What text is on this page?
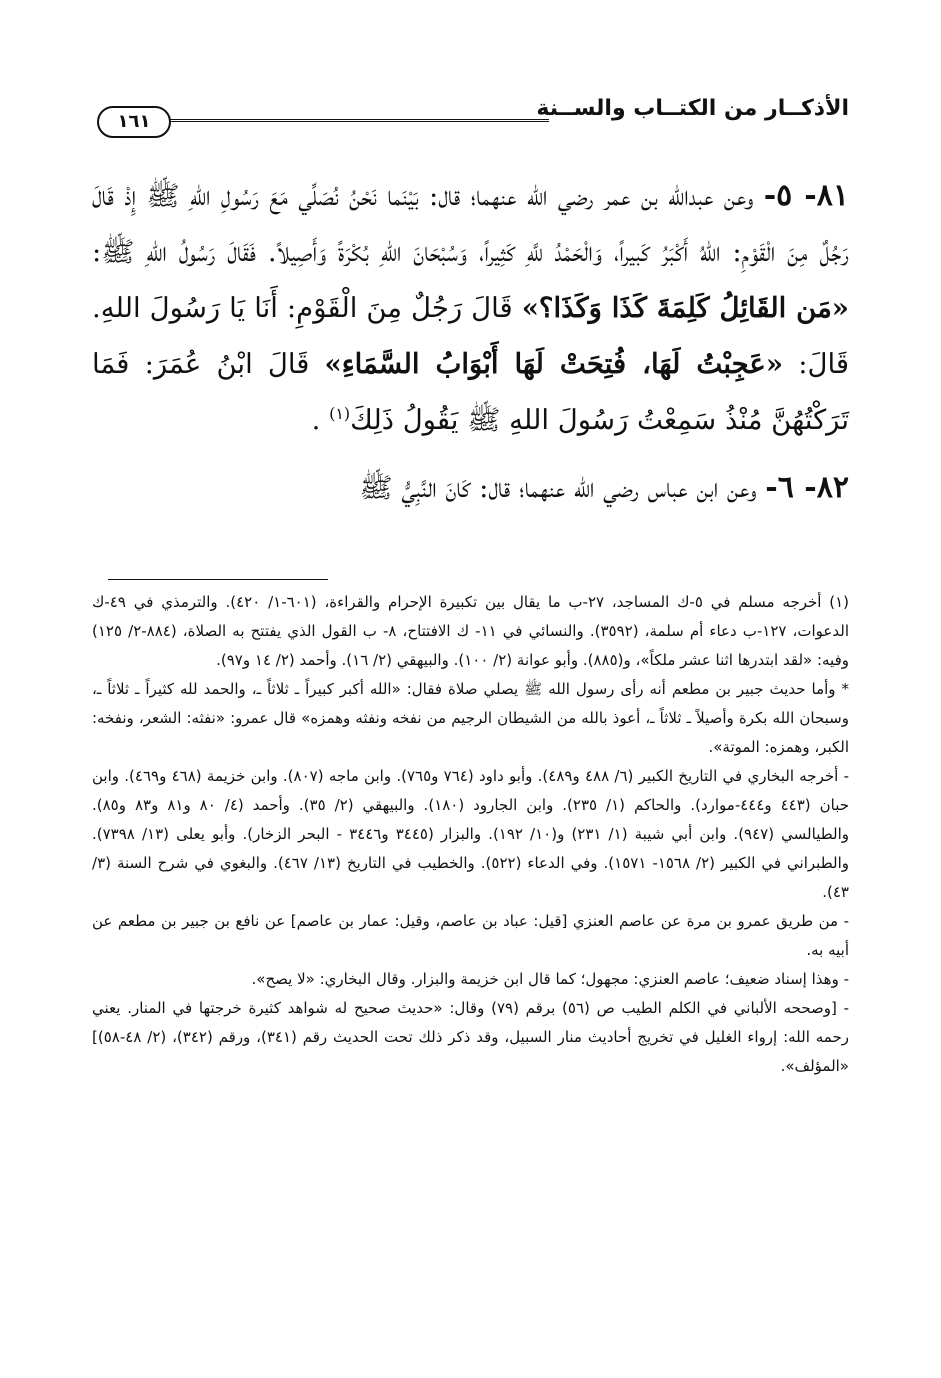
الأذكــار من الكتــاب والســنة
١٦١

٨١- ٥- وعن عبدالله بن عمر رضي الله عنهما؛ قال: بَيْنَما نَحْنُ نُصَلِّي مَعَ رَسُولِ اللهِ ﷺ إِذْ قَالَ رَجُلٌ مِنَ الْقَوْمِ: اللهُ أَكْبَرُ كَبيراً، وَالْحَمْدُ للَّهِ كَثِيراً، وَسُبْحَانَ اللهِ بُكْرَةً وَأَصِيلاً. فَقَالَ رَسُولُ اللهِ ﷺ: «مَن القَائِلُ كَلِمَةَ كَذَا وَكَذَا؟» قَالَ رَجُلٌ مِنَ الْقَوْمِ: أَنَا يَا رَسُولَ اللهِ. قَالَ: «عَجِبْتُ لَهَا، فُتِحَتْ لَهَا أَبْوَابُ السَّمَاءِ» قَالَ ابْنُ عُمَرَ: فَمَا تَرَكْتُهُنَّ مُنْذُ سَمِعْتُ رَسُولَ اللهِ ﷺ يَقُولُ ذَلِكَ$^{(١)}$ .

٨٢- ٦- وعن ابن عباس رضي الله عنهما؛ قال: كَانَ النَّبِيُّ ﷺ

(١) أخرجه مسلم في ٥-ك المساجد، ٢٧-ب ما يقال بين تكبيرة الإحرام والقراءة، (٦٠١-١/ ٤٢٠). والترمذي في ٤٩-ك الدعوات، ١٢٧-ب دعاء أم سلمة، (٣٥٩٢). والنسائي في ١١- ك الافتتاح، ٨- ب القول الذي يفتتح به الصلاة، (٨٨٤-٢/ ١٢٥) وفيه: «لقد ابتدرها اثنا عشر ملكاً»، و(٨٨٥). وأبو عوانة (٢/ ١٠٠). والبيهقي (٢/ ١٦). وأحمد (٢/ ١٤ و٩٧).

* وأما حديث جبير بن مطعم أنه رأى رسول الله ﷺ يصلي صلاة فقال: «الله أكبر كبيراً ـ ثلاثاً ـ، والحمد لله كثيراً ـ ثلاثاً ـ، وسبحان الله بكرة وأصيلاً ـ ثلاثاً ـ، أعوذ بالله من الشيطان الرجيم من نفخه ونفثه وهمزه» قال عمرو: «نفثه: الشعر، ونفخه: الكبر، وهمزه: الموتة».

- أخرجه البخاري في التاريخ الكبير (٦/ ٤٨٨ و٤٨٩). وأبو داود (٧٦٤ و٧٦٥). وابن ماجه (٨٠٧). وابن خزيمة (٤٦٨ و٤٦٩). وابن حبان (٤٤٣ و٤٤٤-موارد). والحاكم (١/ ٢٣٥). وابن الجارود (١٨٠). والبيهقي (٢/ ٣٥). وأحمد (٤/ ٨٠ و٨١ و٨٣ و٨٥). والطيالسي (٩٤٧). وابن أبي شيبة (١/ ٢٣١) و(١٠/ ١٩٢). والبزار (٣٤٤٥ و٣٤٤٦ - البحر الزخار). وأبو يعلى (١٣/ ٧٣٩٨). والطبراني في الكبير (٢/ ١٥٦٨- ١٥٧١). وفي الدعاء (٥٢٢). والخطيب في التاريخ (١٣/ ٤٦٧). والبغوي في شرح السنة (٣/ ٤٣).

- من طريق عمرو بن مرة عن عاصم العنزي [قيل: عباد بن عاصم، وقيل: عمار بن عاصم] عن نافع بن جبير بن مطعم عن أبيه به.

- وهذا إسناد ضعيف؛ عاصم العنزي: مجهول؛ كما قال ابن خزيمة والبزار. وقال البخاري: «لا يصح».

- [وصححه الألباني في الكلم الطيب ص (٥٦) برقم (٧٩) وقال: «حديث صحيح له شواهد كثيرة خرجتها في المنار. يعني رحمه الله: إرواء الغليل في تخريج أحاديث منار السبيل، وقد ذكر ذلك تحت الحديث رقم (٣٤١)، ورقم (٣٤٢)، (٢/ ٤٨-٥٨)] «المؤلف».
